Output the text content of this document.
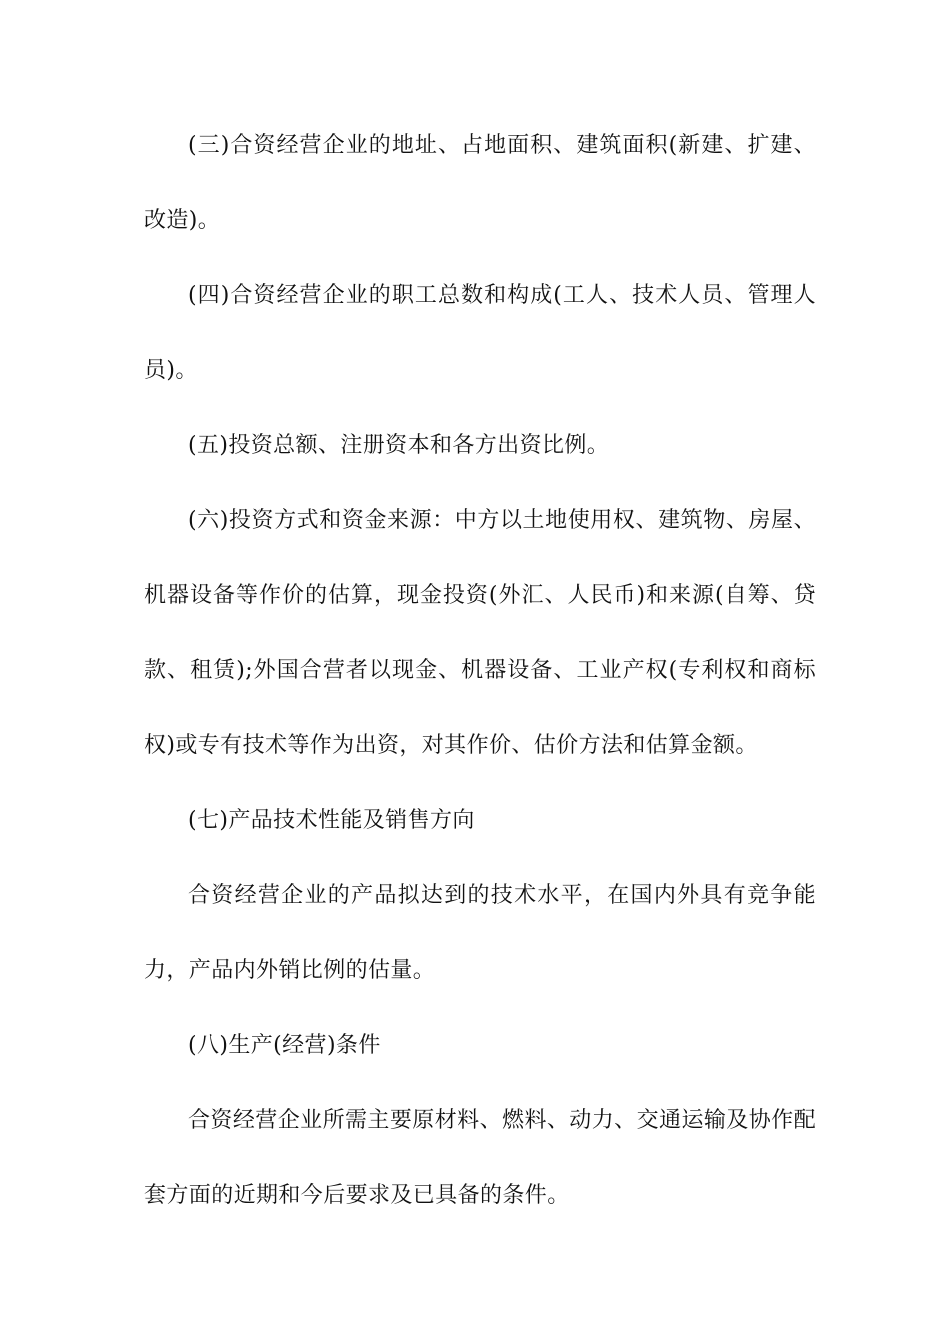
(三)合资经营企业的地址、占地面积、建筑面积(新建、扩建、改造)。

(四)合资经营企业的职工总数和构成(工人、技术人员、管理人员)。

(五)投资总额、注册资本和各方出资比例。

(六)投资方式和资金来源：中方以土地使用权、建筑物、房屋、机器设备等作价的估算，现金投资(外汇、人民币)和来源(自筹、贷款、租赁);外国合营者以现金、机器设备、工业产权(专利权和商标权)或专有技术等作为出资，对其作价、估价方法和估算金额。

(七)产品技术性能及销售方向

合资经营企业的产品拟达到的技术水平，在国内外具有竞争能力，产品内外销比例的估量。

(八)生产(经营)条件

合资经营企业所需主要原材料、燃料、动力、交通运输及协作配套方面的近期和今后要求及已具备的条件。
